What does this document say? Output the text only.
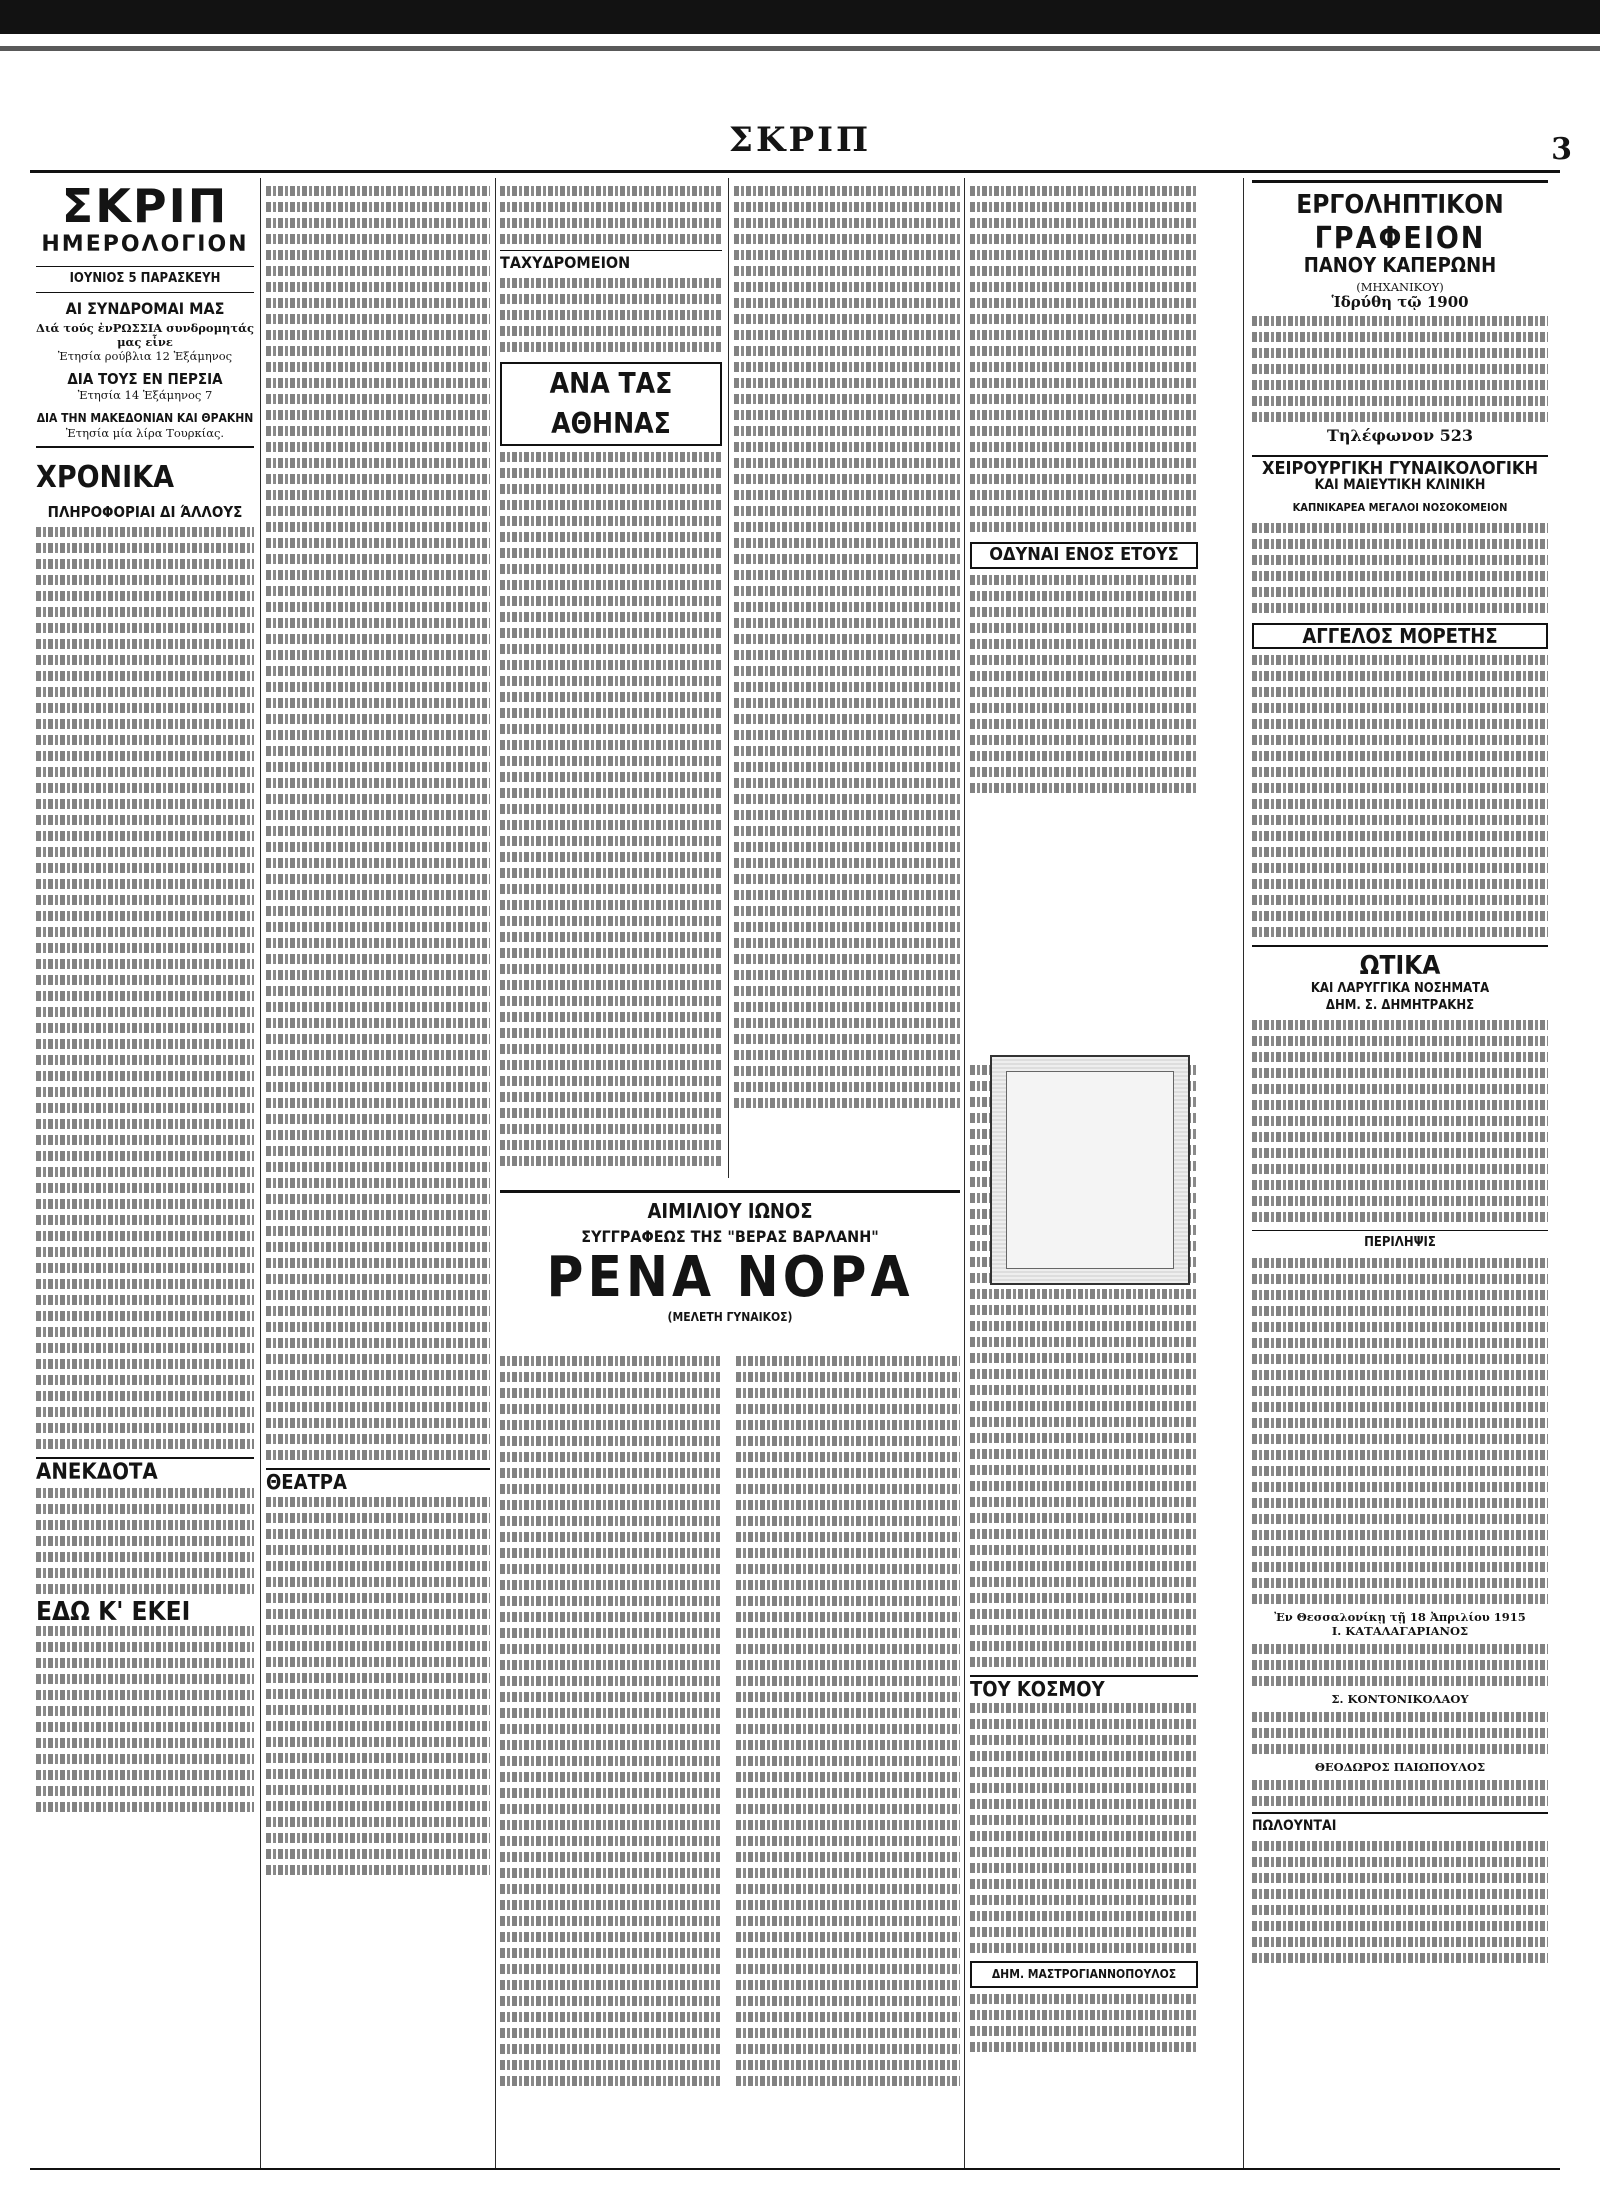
ΣΚΡΙΠ	3
ΣΚΡΙΠ
ΗΜΕΡΟΛΟΓΙΟΝ
ΙΟΥΝΙΟΣ 5 ΠΑΡΑΣΚΕΥΗ
ΑΙ ΣΥΝΔΡΟΜΑΙ ΜΑΣ
Διά τούς ἐνΡΩΣΣΙΑ συνδρομητάς μας εἶνε
Ἐτησία ρούβλια 12 Ἑξάμηνος
ΔΙΑ ΤΟΥΣ ΕΝ ΠΕΡΣΙΑ
Ἐτησία 14 Ἑξάμηνος 7
ΔΙΑ ΤΗΝ ΜΑΚΕΔΟΝΙΑΝ ΚΑΙ ΘΡΑΚΗΝ
Ἐτησία μία λίρα Τουρκίας.
ΧΡΟΝΙΚΑ
ΠΛΗΡΟΦΟΡΙΑΙ ΔΙ ΆΛΛΟΥΣ
ΑΝΕΚΔΟΤΑ
ΕΔΩ Κ' ΕΚΕΙ
ΘΕΑΤΡΑ
ΤΑΧΥΔΡΟΜΕΙΟΝ
ΑΝΑ ΤΑΣ ΑΘΗΝΑΣ
ΑΙΜΙΛΙΟΥ ΙΩΝΟΣ
ΣΥΓΓΡΑΦΕΩΣ ΤΗΣ "ΒΕΡΑΣ ΒΑΡΛΑΝΗ"
ΡΕΝΑ ΝΟΡΑ
(ΜΕΛΕΤΗ ΓΥΝΑΙΚΟΣ)
ΟΔΥΝΑΙ ΕΝΟΣ ΕΤΟΥΣ
ΤΟΥ ΚΟΣΜΟΥ
ΔΗΜ. ΜΑΣΤΡΟΓΙΑΝΝΟΠΟΥΛΟΣ
ΕΡΓΟΛΗΠΤΙΚΟΝ
ΓΡΑΦΕΙΟΝ
ΠΑΝΟΥ ΚΑΠΕΡΩΝΗ
(ΜΗΧΑΝΙΚΟΥ)
Ἱδρύθη τῷ 1900
Τηλέφωνον 523
ΧΕΙΡΟΥΡΓΙΚΗ ΓΥΝΑΙΚΟΛΟΓΙΚΗ
ΚΑΙ ΜΑΙΕΥΤΙΚΗ ΚΛΙΝΙΚΗ
ΚΑΠΝΙΚΑΡΕΑ ΜΕΓΑΛΟΙ ΝΟΣΟΚΟΜΕΙΟΝ
ΑΓΓΕΛΟΣ ΜΟΡΕΤΗΣ
ΩΤΙΚΑ
ΚΑΙ ΛΑΡΥΓΓΙΚΑ ΝΟΣΗΜΑΤΑ
ΔΗΜ. Σ. ΔΗΜΗΤΡΑΚΗΣ
ΠΕΡΙΛΗΨΙΣ
Ἐν Θεσσαλονίκῃ τῇ 18 Ἀπριλίου 1915
Ι. ΚΑΤΑΛΑΓΑΡΙΑΝΟΣ
Σ. ΚΟΝΤΟΝΙΚΟΛΑΟΥ
ΘΕΟΔΩΡΟΣ ΠΑΙΩΠΟΥΛΟΣ
ΠΩΛΟΥΝΤΑΙ
